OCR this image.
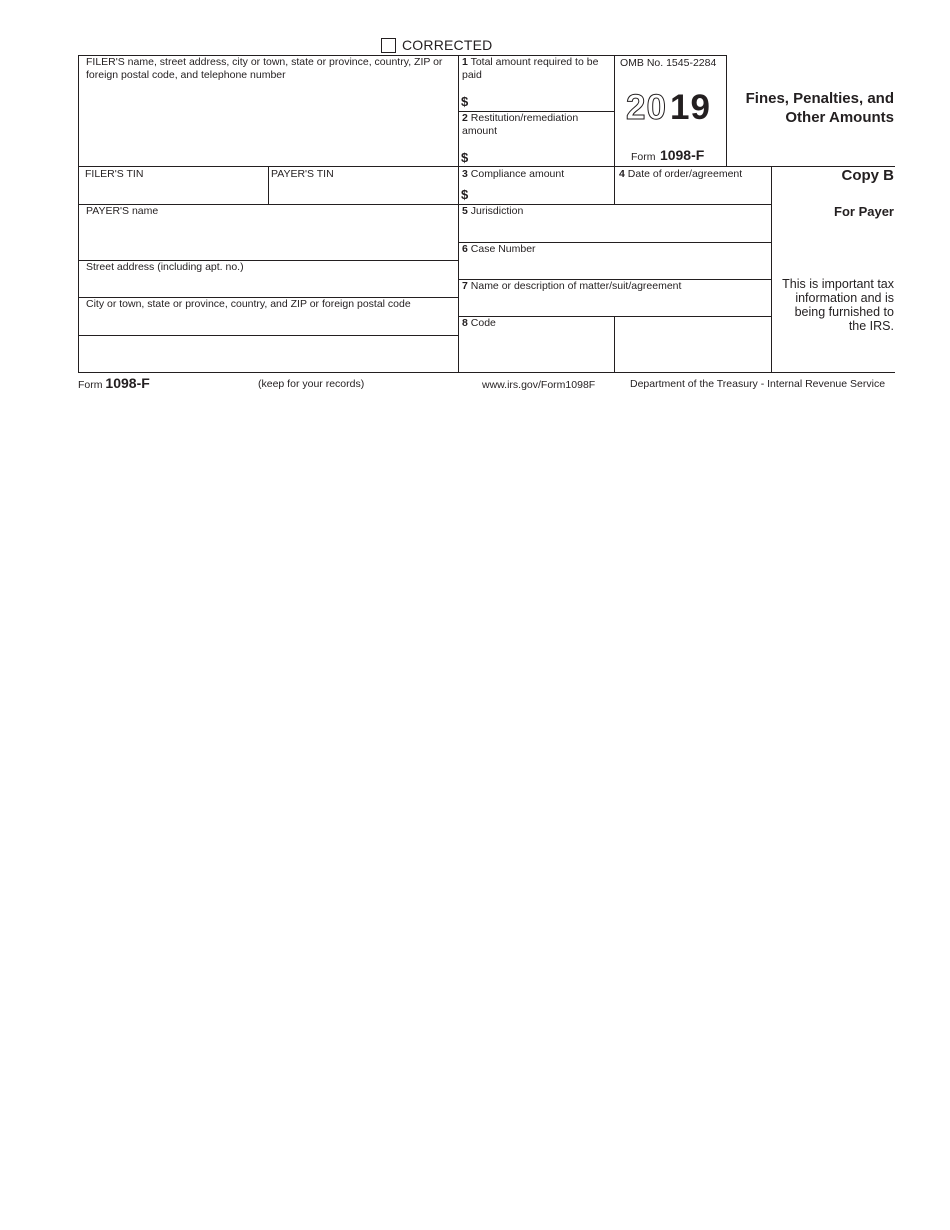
CORRECTED
FILER'S name, street address, city or town, state or province, country, ZIP or foreign postal code, and telephone number
1 Total amount required to be paid
$
2 Restitution/remediation amount
$
OMB No. 1545-2284
20 19
Form 1098-F
Fines, Penalties, and
Other Amounts
Copy B
For Payer
This is important tax
information and is
being furnished to
the IRS.
FILER'S TIN	PAYER'S TIN	3 Compliance amount
$
4 Date of order/agreement
PAYER'S name
Street address (including apt. no.)
City or town, state or province, country, and ZIP or foreign postal code
5 Jurisdiction
6 Case Number
7 Name or description of matter/suit/agreement
8 Code
Form 1098-F	(keep for your records)	www.irs.gov/Form1098F	Department of the Treasury - Internal Revenue Service
